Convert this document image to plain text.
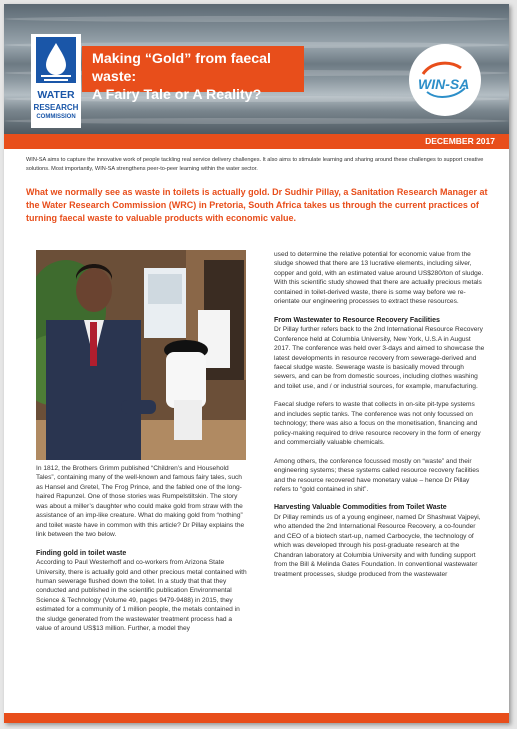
WATER
RESEARCH
COMMISSION
Making “Gold” from faecal waste:
A Fairy Tale or A Reality?
WIN-SA
DECEMBER 2017

WIN-SA aims to capture the innovative work of people tackling real service delivery challenges. It also aims to stimulate learning and sharing around these challenges to support creative solutions. Most importantly, WIN-SA strengthens peer-to-peer learning within the water sector.

What we normally see as waste in toilets is actually gold. Dr Sudhir Pillay, a Sanitation Research Manager at the Water Research Commission (WRC) in Pretoria, South Africa takes us through the current practices of turning faecal waste to valuable products with economic value.

In 1812, the Brothers Grimm published “Children’s and Household Tales”, containing many of the well-known and famous fairy tales, such as Hansel and Gretel, The Frog Prince, and the fabled one of the long-haired Rapunzel. One of those stories was Rumpelstiltskin. The story was about a miller’s daughter who could make gold from straw with the assistance of an imp-like creature. What do making gold from “nothing” and toilet waste have in common with this article? Dr Pillay explains the link between the two below.

Finding gold in toilet waste

According to Paul Westerhoff and co-workers from Arizona State University, there is actually gold and other precious metal contained with human sewerage flushed down the toilet. In a study that that they conducted and published in the scientific publication Environmental Science & Technology (Volume 49, pages 9479-9488) in 2015, they estimated for a community of 1 million people, the metals contained in the sludge generated from the wastewater treatment process had a value of around US$13 million. Further, a model they

used to determine the relative potential for economic value from the sludge showed that there are 13 lucrative elements, including silver, copper and gold, with an estimated value around US$280/ton of sludge. With this scientific study showed that there are actually precious metals contained in toilet-derived waste, there is some way before we re-orientate our engineering processes to extract these resources.

From Wastewater to Resource Recovery Facilities

Dr Pillay further refers back to the 2nd International Resource Recovery Conference held at Columbia University, New York, U.S.A in August 2017. The conference was held over 3-days and aimed to showcase the latest developments in resource recovery from sewerage-derived and faecal sludge waste. Sewerage waste is basically moved through sewers, and can be from domestic sources, including clothes washing and toilet use, and / or industrial sources, for example, manufacturing.

Faecal sludge refers to waste that collects in on-site pit-type systems and includes septic tanks. The conference was not only focussed on technology; there was also a focus on the monetisation, financing and policy-making required to drive resource recovery in the form of energy and commercially valuable chemicals.

Among others, the conference focussed mostly on “waste” and their engineering systems; these systems called resource recovery facilities and the resource recovered have monetary value – hence Dr Pillay refers to “gold contained in shit”.

Harvesting Valuable Commodities from Toilet Waste

Dr Pillay reminds us of a young engineer, named Dr Shashwat Vajpeyi, who attended the 2nd International Resource Recovery, a co-founder and CEO of a biotech start-up, named Carbocycle, the technology of which was developed through his post-graduate research at the Chandran laboratory at Columbia University and with funding support from the Bill & Melinda Gates Foundation. In conventional wastewater treatment processes, sludge produced from the wastewater
